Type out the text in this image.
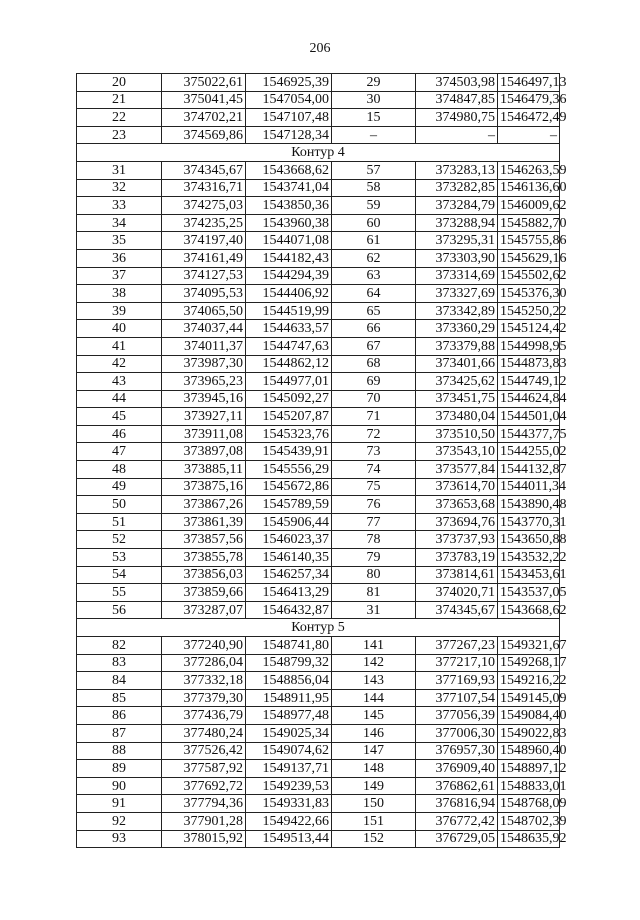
206
20	375022,61	1546925,39	29	374503,98	1546497,13
21	375041,45	1547054,00	30	374847,85	1546479,36
22	374702,21	1547107,48	15	374980,75	1546472,49
23	374569,86	1547128,34	–	–	–
Контур 4					
31	374345,67	1543668,62	57	373283,13	1546263,59
32	374316,71	1543741,04	58	373282,85	1546136,60
33	374275,03	1543850,36	59	373284,79	1546009,62
34	374235,25	1543960,38	60	373288,94	1545882,70
35	374197,40	1544071,08	61	373295,31	1545755,86
36	374161,49	1544182,43	62	373303,90	1545629,16
37	374127,53	1544294,39	63	373314,69	1545502,62
38	374095,53	1544406,92	64	373327,69	1545376,30
39	374065,50	1544519,99	65	373342,89	1545250,22
40	374037,44	1544633,57	66	373360,29	1545124,42
41	374011,37	1544747,63	67	373379,88	1544998,95
42	373987,30	1544862,12	68	373401,66	1544873,83
43	373965,23	1544977,01	69	373425,62	1544749,12
44	373945,16	1545092,27	70	373451,75	1544624,84
45	373927,11	1545207,87	71	373480,04	1544501,04
46	373911,08	1545323,76	72	373510,50	1544377,75
47	373897,08	1545439,91	73	373543,10	1544255,02
48	373885,11	1545556,29	74	373577,84	1544132,87
49	373875,16	1545672,86	75	373614,70	1544011,34
50	373867,26	1545789,59	76	373653,68	1543890,48
51	373861,39	1545906,44	77	373694,76	1543770,31
52	373857,56	1546023,37	78	373737,93	1543650,88
53	373855,78	1546140,35	79	373783,19	1543532,22
54	373856,03	1546257,34	80	373814,61	1543453,61
55	373859,66	1546413,29	81	374020,71	1543537,05
56	373287,07	1546432,87	31	374345,67	1543668,62
Контур 5					
82	377240,90	1548741,80	141	377267,23	1549321,67
83	377286,04	1548799,32	142	377217,10	1549268,17
84	377332,18	1548856,04	143	377169,93	1549216,22
85	377379,30	1548911,95	144	377107,54	1549145,09
86	377436,79	1548977,48	145	377056,39	1549084,40
87	377480,24	1549025,34	146	377006,30	1549022,83
88	377526,42	1549074,62	147	376957,30	1548960,40
89	377587,92	1549137,71	148	376909,40	1548897,12
90	377692,72	1549239,53	149	376862,61	1548833,01
91	377794,36	1549331,83	150	376816,94	1548768,09
92	377901,28	1549422,66	151	376772,42	1548702,39
93	378015,92	1549513,44	152	376729,05	1548635,92
